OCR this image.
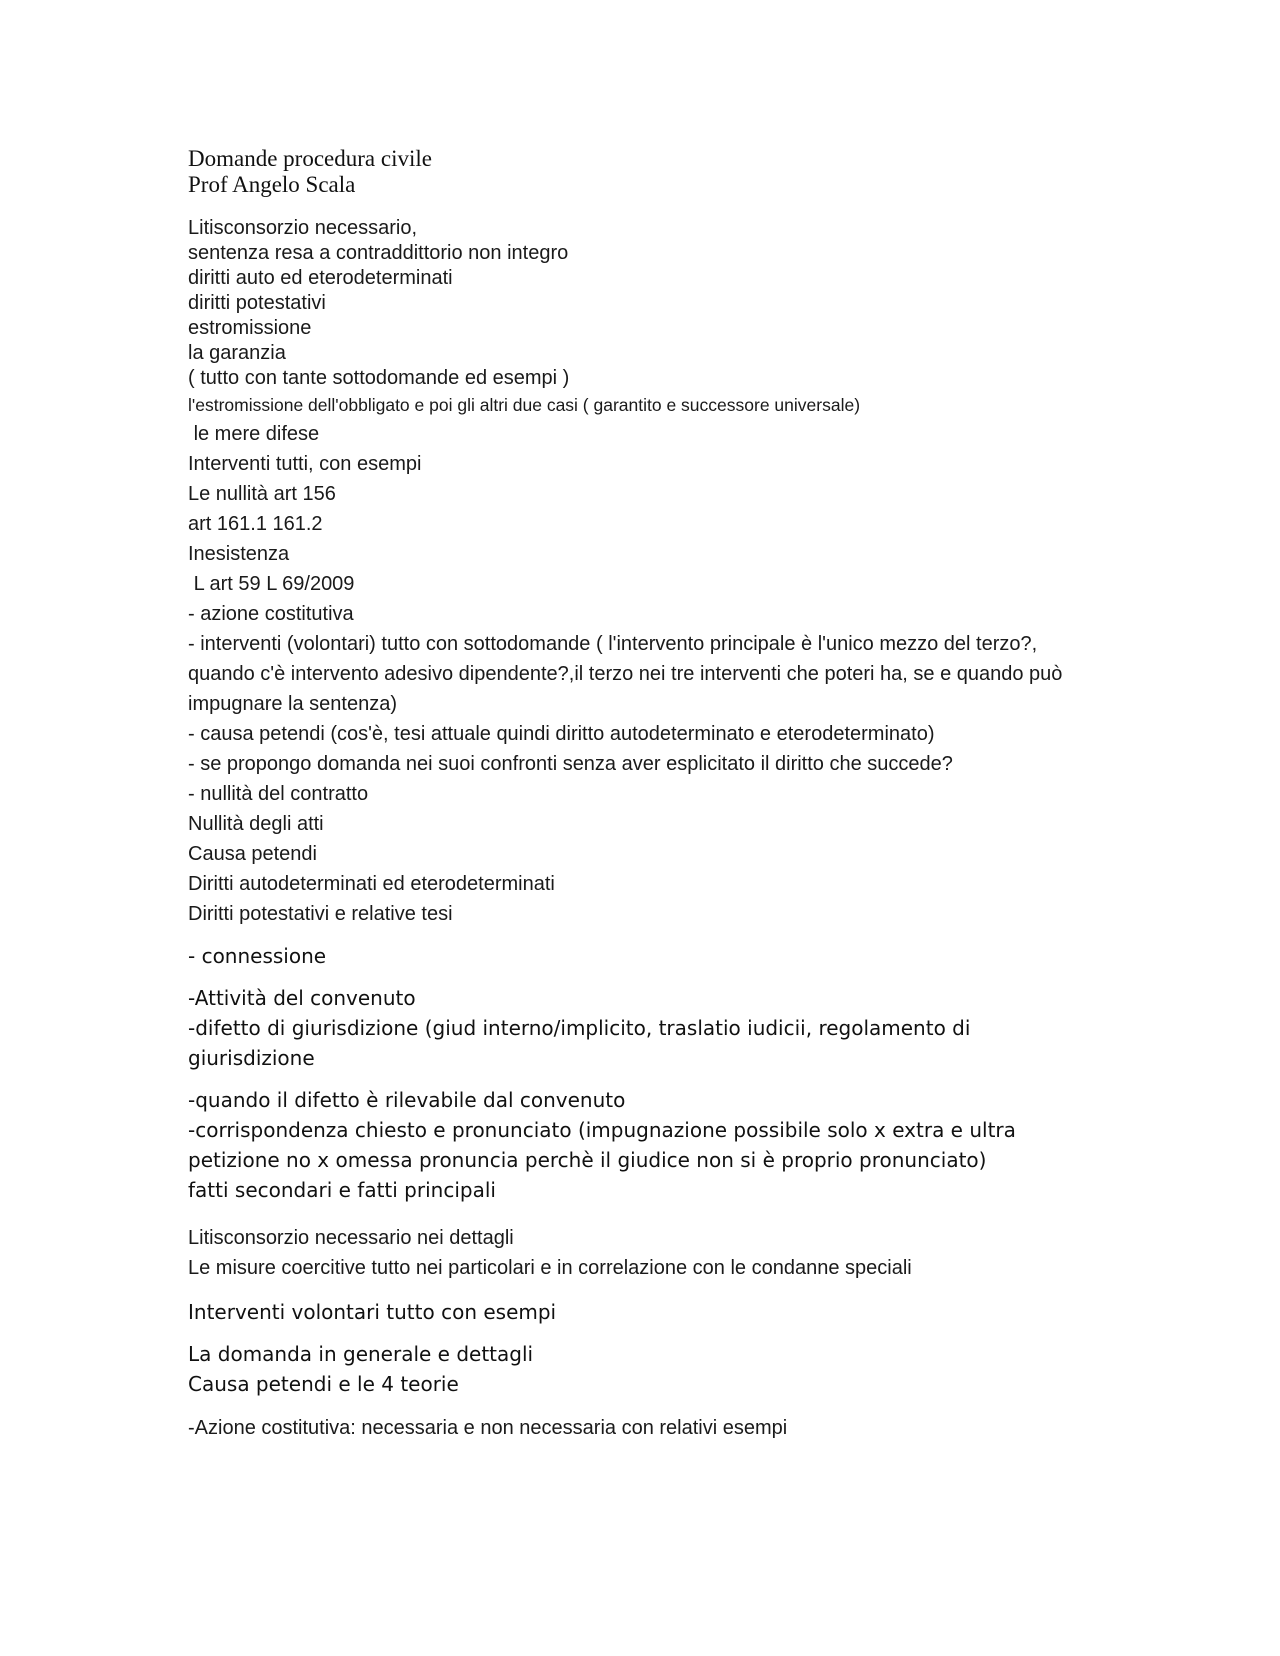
Domande procedura civile

Prof Angelo Scala

Litisconsorzio necessario,

sentenza resa a contraddittorio non integro

diritti auto ed eterodeterminati

diritti potestativi

estromissione

la garanzia

( tutto con tante sottodomande ed esempi )

l'estromissione dell'obbligato e poi gli altri due casi ( garantito e successore universale)

le mere difese

Interventi tutti, con esempi

Le nullità art 156

art 161.1 161.2

Inesistenza

L art 59 L 69/2009

- azione costitutiva

- interventi (volontari) tutto con sottodomande ( l'intervento principale è l'unico mezzo del terzo?, quando c'è intervento adesivo dipendente?,il terzo nei tre interventi che poteri ha, se e quando può impugnare la sentenza)

- causa petendi (cos'è, tesi attuale quindi diritto autodeterminato e eterodeterminato)

- se propongo domanda nei suoi confronti senza aver esplicitato il diritto che succede?

- nullità del contratto

Nullità degli atti

Causa petendi

Diritti autodeterminati ed eterodeterminati

Diritti potestativi e relative tesi

- connessione

-Attività del convenuto

-difetto di giurisdizione (giud interno/implicito, traslatio iudicii, regolamento di giurisdizione

-quando il difetto è rilevabile dal convenuto

-corrispondenza chiesto e pronunciato (impugnazione possibile solo x extra e ultra petizione no x omessa pronuncia perchè il giudice non si è proprio pronunciato)

fatti secondari e fatti principali

Litisconsorzio necessario nei dettagli

Le misure coercitive tutto nei particolari e in correlazione con le condanne speciali

Interventi volontari tutto con esempi

La domanda in generale e dettagli

Causa petendi e le 4 teorie

-Azione costitutiva: necessaria e non necessaria con relativi esempi
